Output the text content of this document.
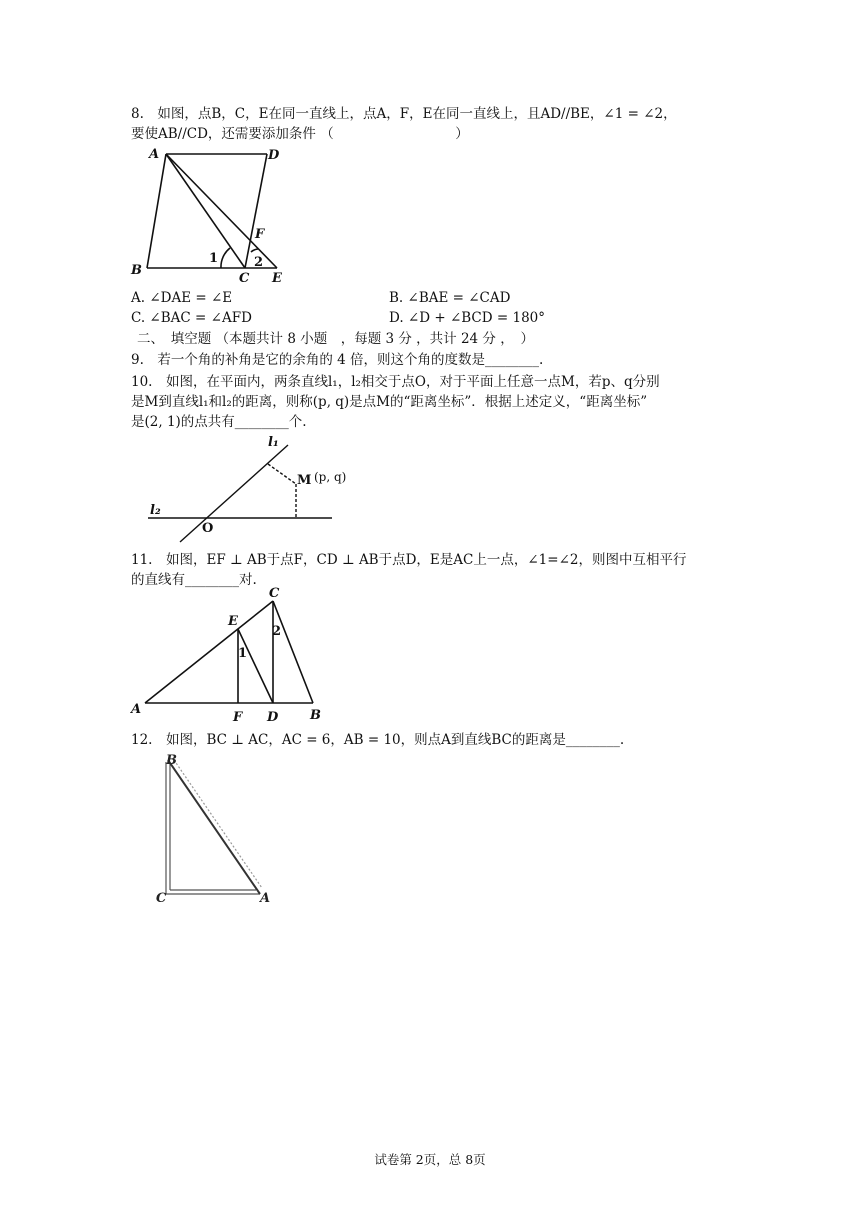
8.　如图，点B，C，E在同一直线上，点A，F，E在同一直线上，且AD//BE，∠1 = ∠2，
要使AB//CD，还需要添加条件 （　　　　　　　　　）
A	D
F
B
C E
1	2
A. ∠DAE = ∠E	B. ∠BAE = ∠CAD
C. ∠BAC = ∠AFD	D. ∠D + ∠BCD = 180°
二、　填空题 （本题共计 8 小题　，每题 3 分 ，共计 24 分 ，　）
9.　若一个角的补角是它的余角的 4 倍，则这个角的度数是________.
10.　如图，在平面内，两条直线l₁，l₂相交于点O，对于平面上任意一点M，若p、q分别
是M到直线l₁和l₂的距离，则称(p, q)是点M的“距离坐标”．根据上述定义，“距离坐标”
是(2, 1)的点共有________个.
l₁
l₂
O
M (p, q)
11.　如图，EF ⊥ AB于点F，CD ⊥ AB于点D，E是AC上一点，∠1=∠2，则图中互相平行
的直线有________对.
C
E
A
F D B
1
2
12.　如图，BC ⊥ AC，AC = 6，AB = 10，则点A到直线BC的距离是________.
B
C	A
试卷第 2页，总 8页
